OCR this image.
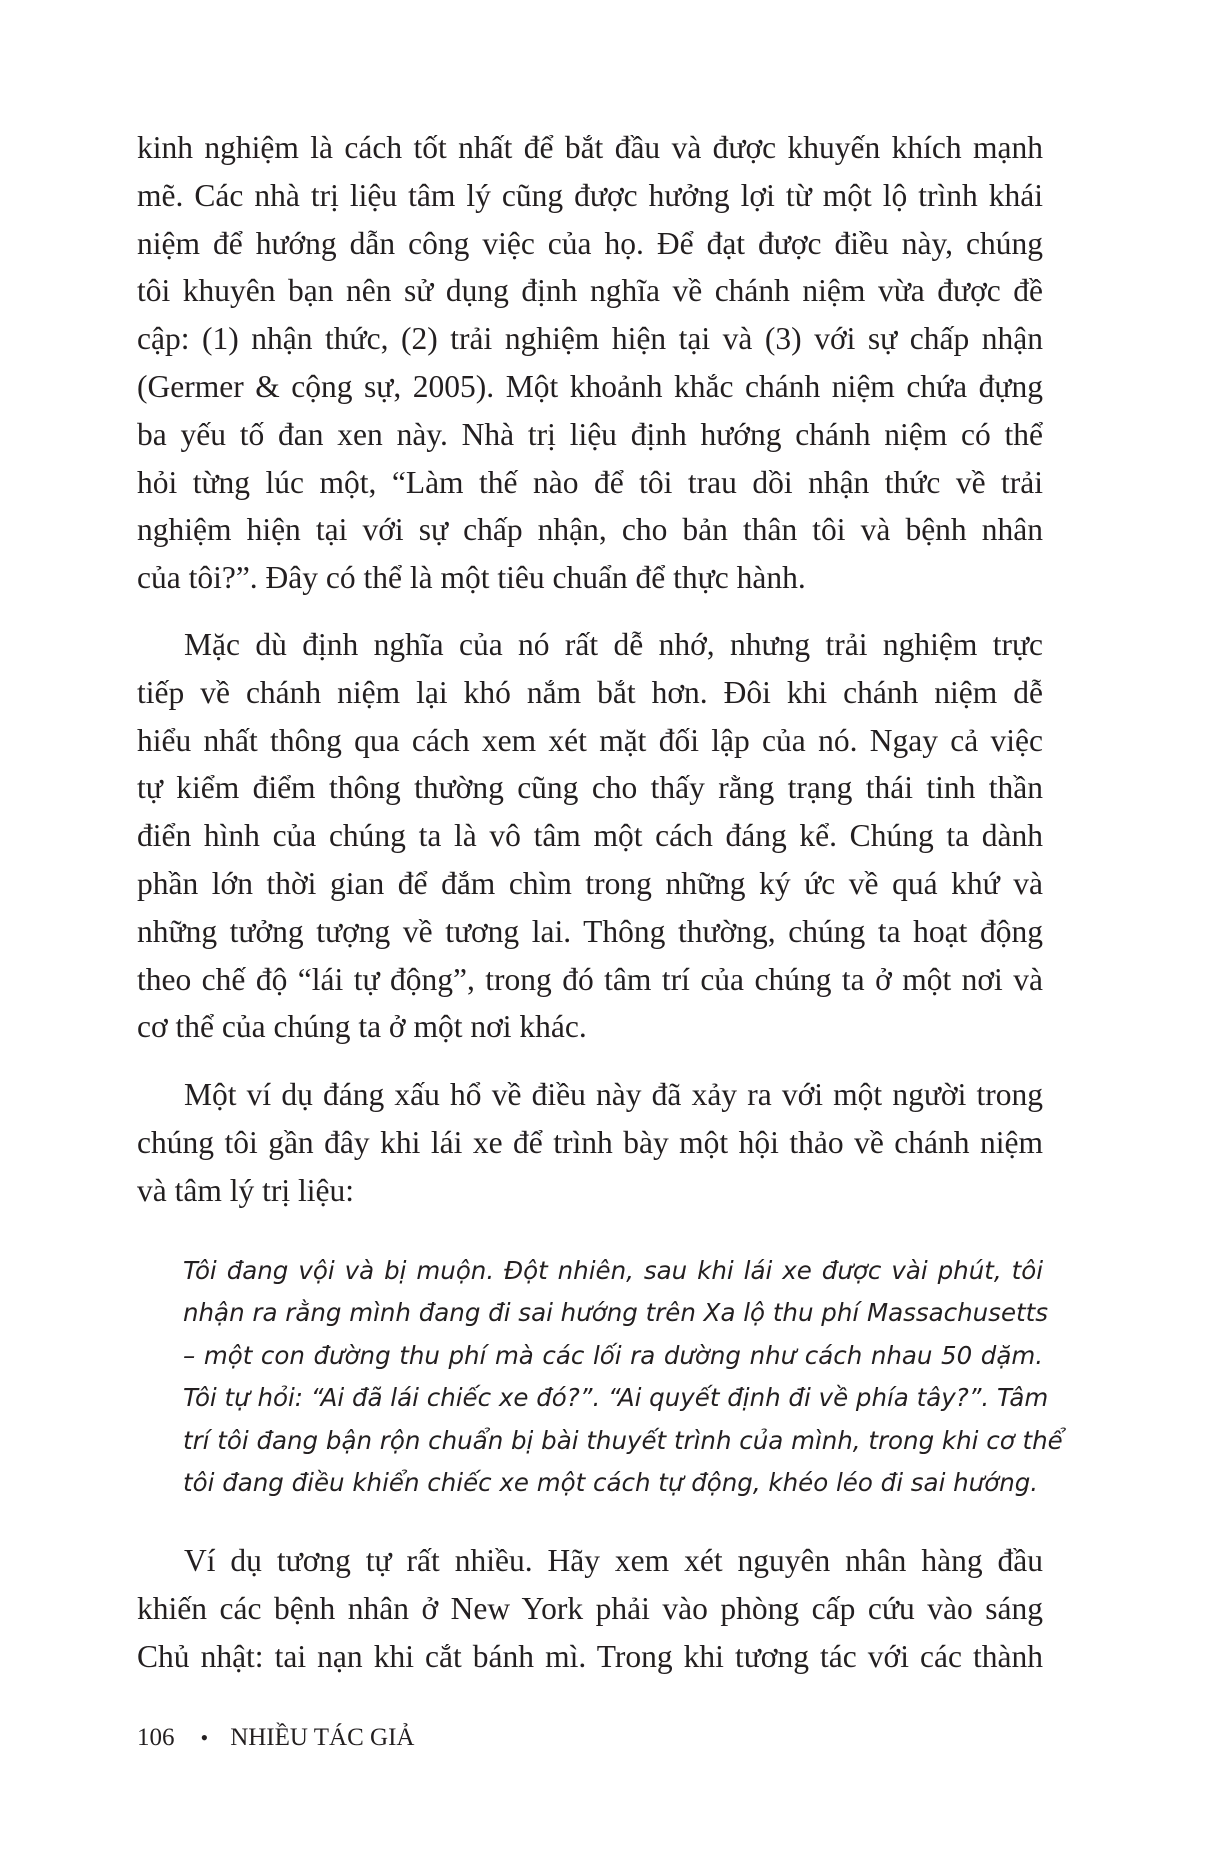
kinh nghiệm là cách tốt nhất để bắt đầu và được khuyến khích mạnh
mẽ. Các nhà trị liệu tâm lý cũng được hưởng lợi từ một lộ trình khái
niệm để hướng dẫn công việc của họ. Để đạt được điều này, chúng
tôi khuyên bạn nên sử dụng định nghĩa về chánh niệm vừa được đề
cập: (1) nhận thức, (2) trải nghiệm hiện tại và (3) với sự chấp nhận
(Germer & cộng sự, 2005). Một khoảnh khắc chánh niệm chứa đựng
ba yếu tố đan xen này. Nhà trị liệu định hướng chánh niệm có thể
hỏi từng lúc một, “Làm thế nào để tôi trau dồi nhận thức về trải
nghiệm hiện tại với sự chấp nhận, cho bản thân tôi và bệnh nhân
của tôi?”. Đây có thể là một tiêu chuẩn để thực hành.

Mặc dù định nghĩa của nó rất dễ nhớ, nhưng trải nghiệm trực
tiếp về chánh niệm lại khó nắm bắt hơn. Đôi khi chánh niệm dễ
hiểu nhất thông qua cách xem xét mặt đối lập của nó. Ngay cả việc
tự kiểm điểm thông thường cũng cho thấy rằng trạng thái tinh thần
điển hình của chúng ta là vô tâm một cách đáng kể. Chúng ta dành
phần lớn thời gian để đắm chìm trong những ký ức về quá khứ và
những tưởng tượng về tương lai. Thông thường, chúng ta hoạt động
theo chế độ “lái tự động”, trong đó tâm trí của chúng ta ở một nơi và
cơ thể của chúng ta ở một nơi khác.

Một ví dụ đáng xấu hổ về điều này đã xảy ra với một người trong
chúng tôi gần đây khi lái xe để trình bày một hội thảo về chánh niệm
và tâm lý trị liệu:

Tôi đang vội và bị muộn. Đột nhiên, sau khi lái xe được vài phút, tôi
nhận ra rằng mình đang đi sai hướng trên Xa lộ thu phí Massachusetts
– một con đường thu phí mà các lối ra dường như cách nhau 50 dặm.
Tôi tự hỏi: “Ai đã lái chiếc xe đó?”. “Ai quyết định đi về phía tây?”. Tâm
trí tôi đang bận rộn chuẩn bị bài thuyết trình của mình, trong khi cơ thể
tôi đang điều khiển chiếc xe một cách tự động, khéo léo đi sai hướng.

Ví dụ tương tự rất nhiều. Hãy xem xét nguyên nhân hàng đầu
khiến các bệnh nhân ở New York phải vào phòng cấp cứu vào sáng
Chủ nhật: tai nạn khi cắt bánh mì. Trong khi tương tác với các thành

106 • NHIỀU TÁC GIẢ
